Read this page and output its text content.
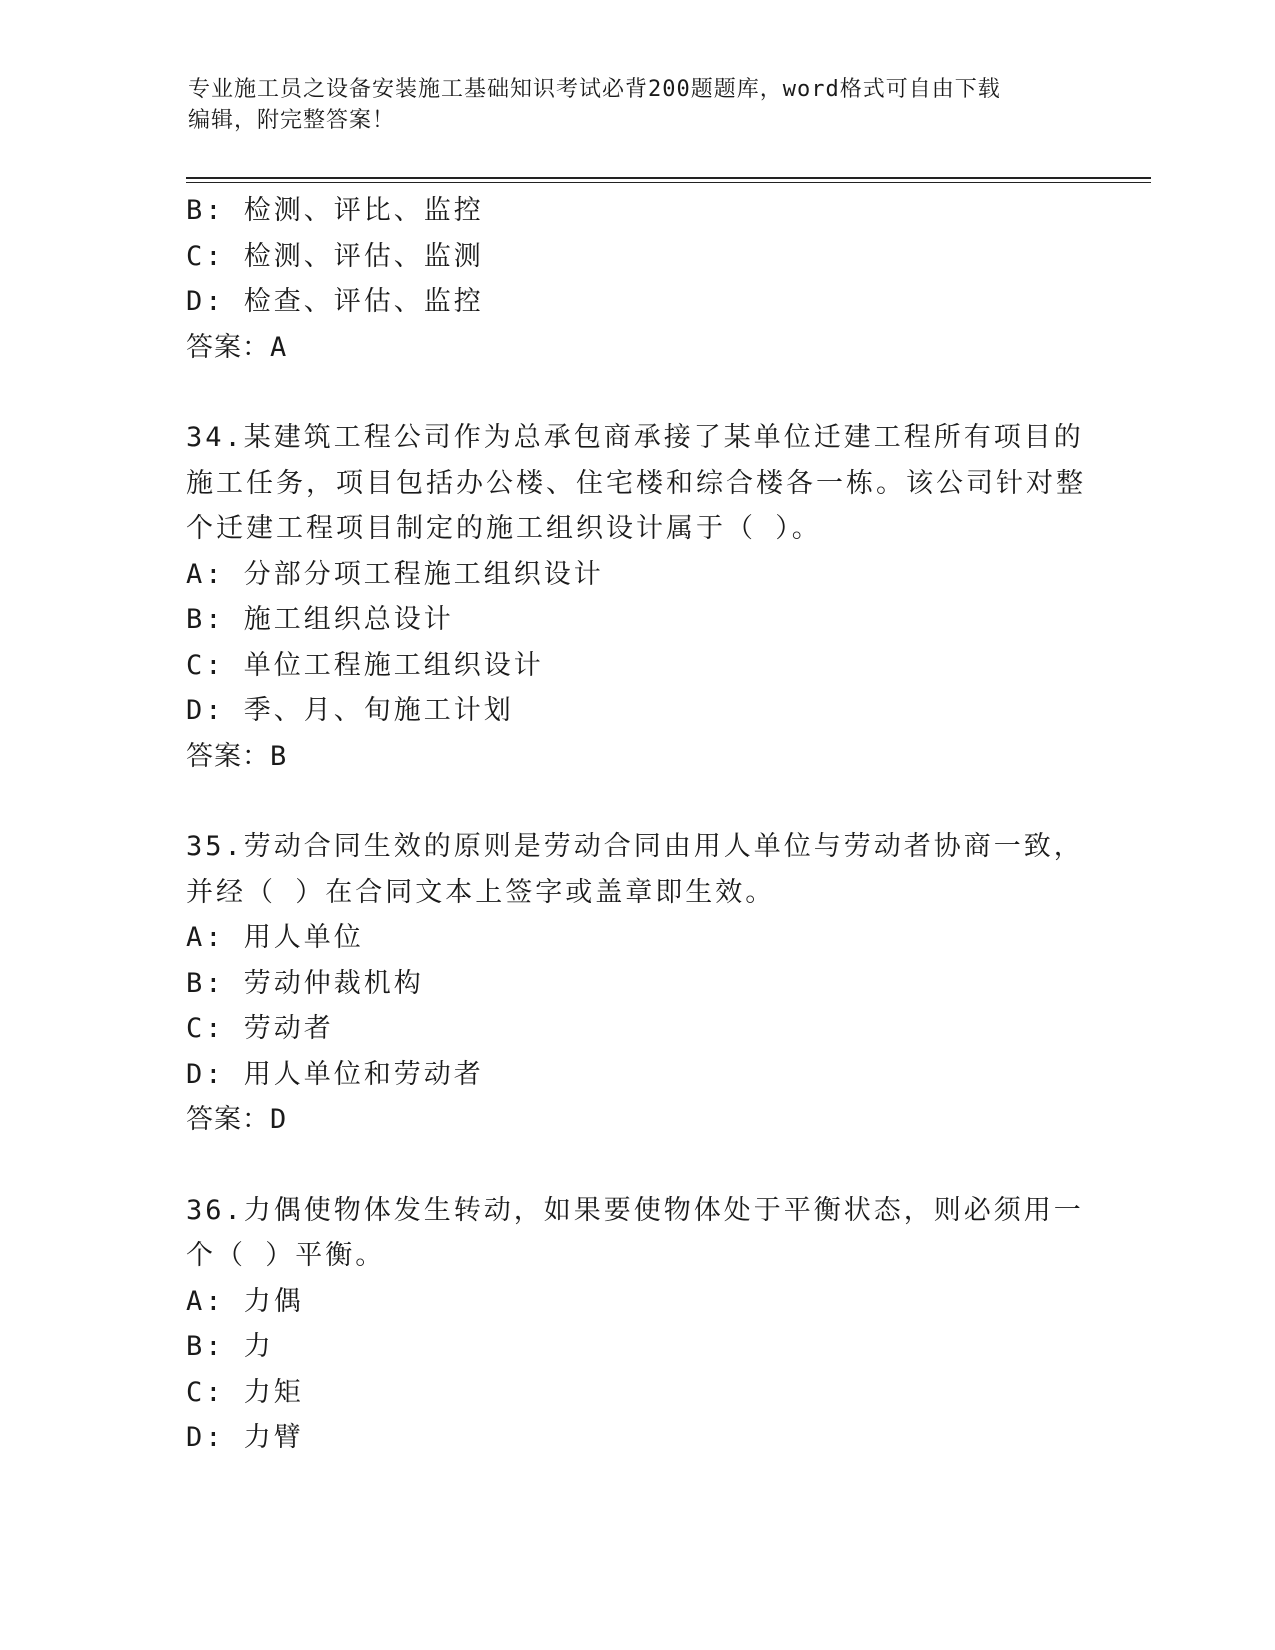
专业施工员之设备安装施工基础知识考试必背200题题库，word格式可自由下载
编辑，附完整答案！
B: 检测、评比、监控
C: 检测、评估、监测
D: 检查、评估、监控
答案：A
34.某建筑工程公司作为总承包商承接了某单位迁建工程所有项目的施工任务，项目包括办公楼、住宅楼和综合楼各一栋。该公司针对整个迁建工程项目制定的施工组织设计属于（ ）。
A: 分部分项工程施工组织设计
B: 施工组织总设计
C: 单位工程施工组织设计
D: 季、月、旬施工计划
答案：B
35.劳动合同生效的原则是劳动合同由用人单位与劳动者协商一致，并经（ ）在合同文本上签字或盖章即生效。
A: 用人单位
B: 劳动仲裁机构
C: 劳动者
D: 用人单位和劳动者
答案：D
36.力偶使物体发生转动，如果要使物体处于平衡状态，则必须用一个（ ）平衡。
A: 力偶
B: 力
C: 力矩
D: 力臂
